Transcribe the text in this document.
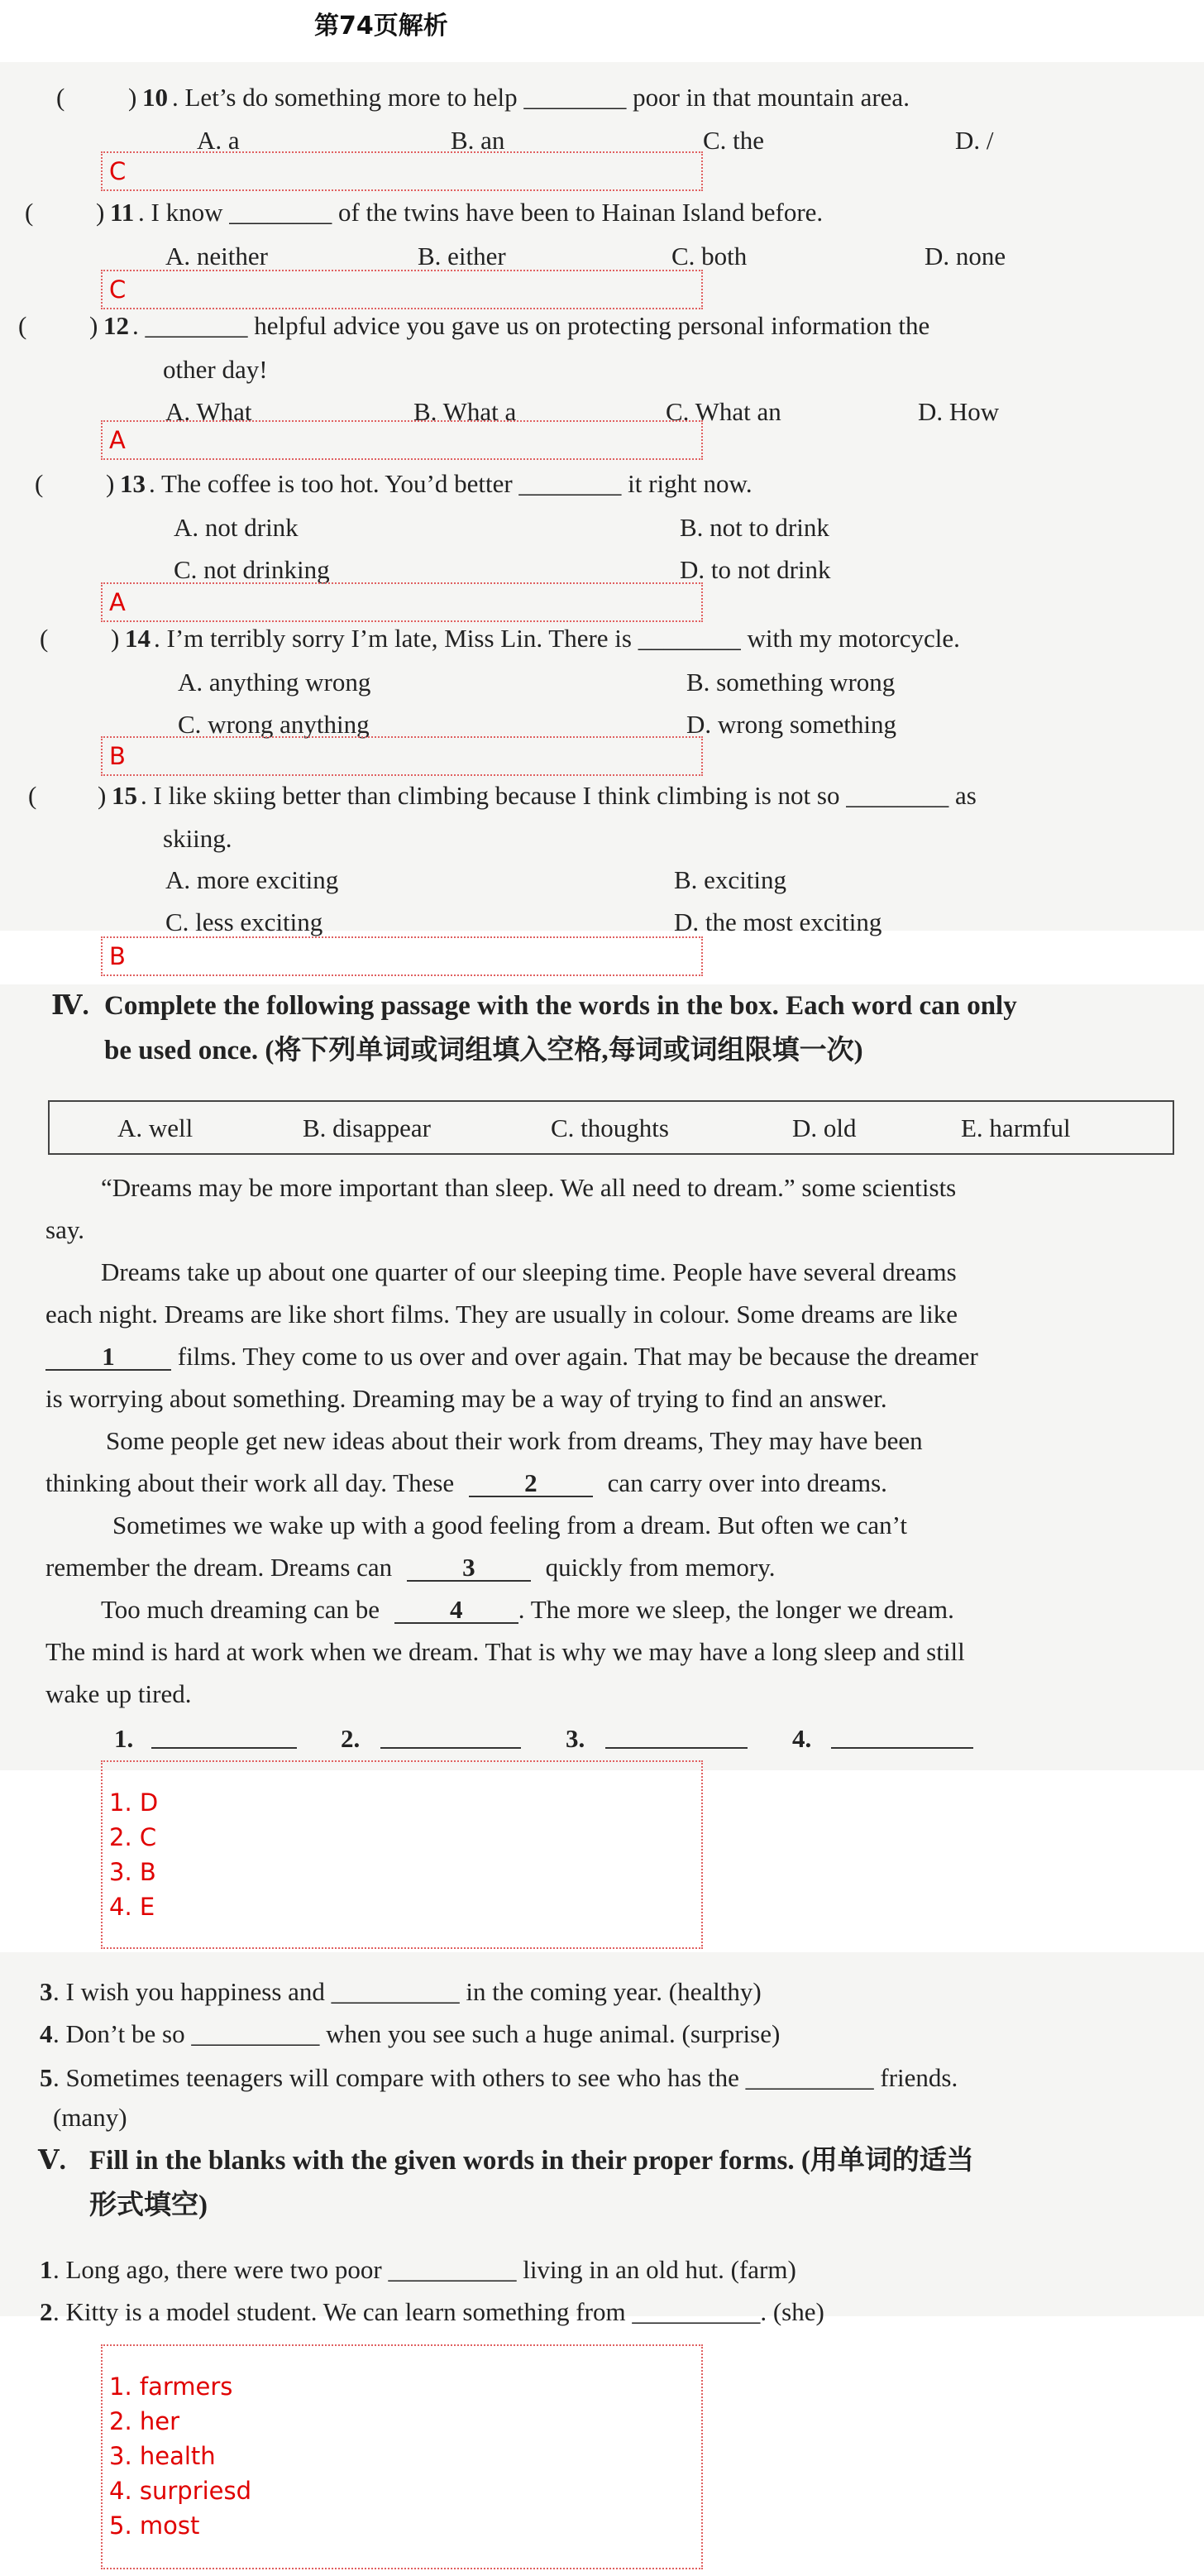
第74页解析
( ) 10 . Let’s do something more to help ________ poor in that mountain area.
A. a	B. an	C. the	D. /
C
( ) 11 . I know ________ of the twins have been to Hainan Island before.
A. neither	B. either	C. both	D. none
C
( ) 12 . ________ helpful advice you gave us on protecting personal information the
other day!
A. What	B. What a	C. What an	D. How
A
( ) 13 . The coffee is too hot. You’d better ________ it right now.
A. not drink	B. not to drink
C. not drinking	D. to not drink
A
( ) 14 . I’m terribly sorry I’m late, Miss Lin. There is ________ with my motorcycle.
A. anything wrong	B. something wrong
C. wrong anything	D. wrong something
B
( ) 15 . I like skiing better than climbing because I think climbing is not so ________ as
skiing.
A. more exciting	B. exciting
C. less exciting	D. the most exciting
B
Ⅳ. Complete the following passage with the words in the box. Each word can only
be used once. (将下列单词或词组填入空格,每词或词组限填一次)
A. well	B. disappear	C. thoughts	D. old	E. harmful
“Dreams may be more important than sleep. We all need to dream.” some scientists
say.
Dreams take up about one quarter of our sleeping time. People have several dreams
each night. Dreams are like short films. They are usually in colour. Some dreams are like
1 films. They come to us over and over again. That may be because the dreamer
is worrying about something. Dreaming may be a way of trying to find an answer.
Some people get new ideas about their work from dreams, They may have been
thinking about their work all day. These	2	can carry over into dreams.
Sometimes we wake up with a good feeling from a dream. But often we can’t
remember the dream. Dreams can	3	quickly from memory.
Too much dreaming can be	4 . The more we sleep, the longer we dream.
The mind is hard at work when we dream. That is why we may have a long sleep and still
wake up tired.
1.	2.	3.	4.
1. D
2. C
3. B
4. E
3 . I wish you happiness and __________ in the coming year. (healthy)
4 . Don’t be so __________ when you see such a huge animal. (surprise)
5 . Sometimes teenagers will compare with others to see who has the __________ friends.
(many)
Ⅴ. Fill in the blanks with the given words in their proper forms. (用单词的适当
形式填空)
1 . Long ago, there were two poor __________ living in an old hut. (farm)
2 . Kitty is a model student. We can learn something from __________. (she)
1. farmers
2. her
3. health
4. surpriesd
5. most
